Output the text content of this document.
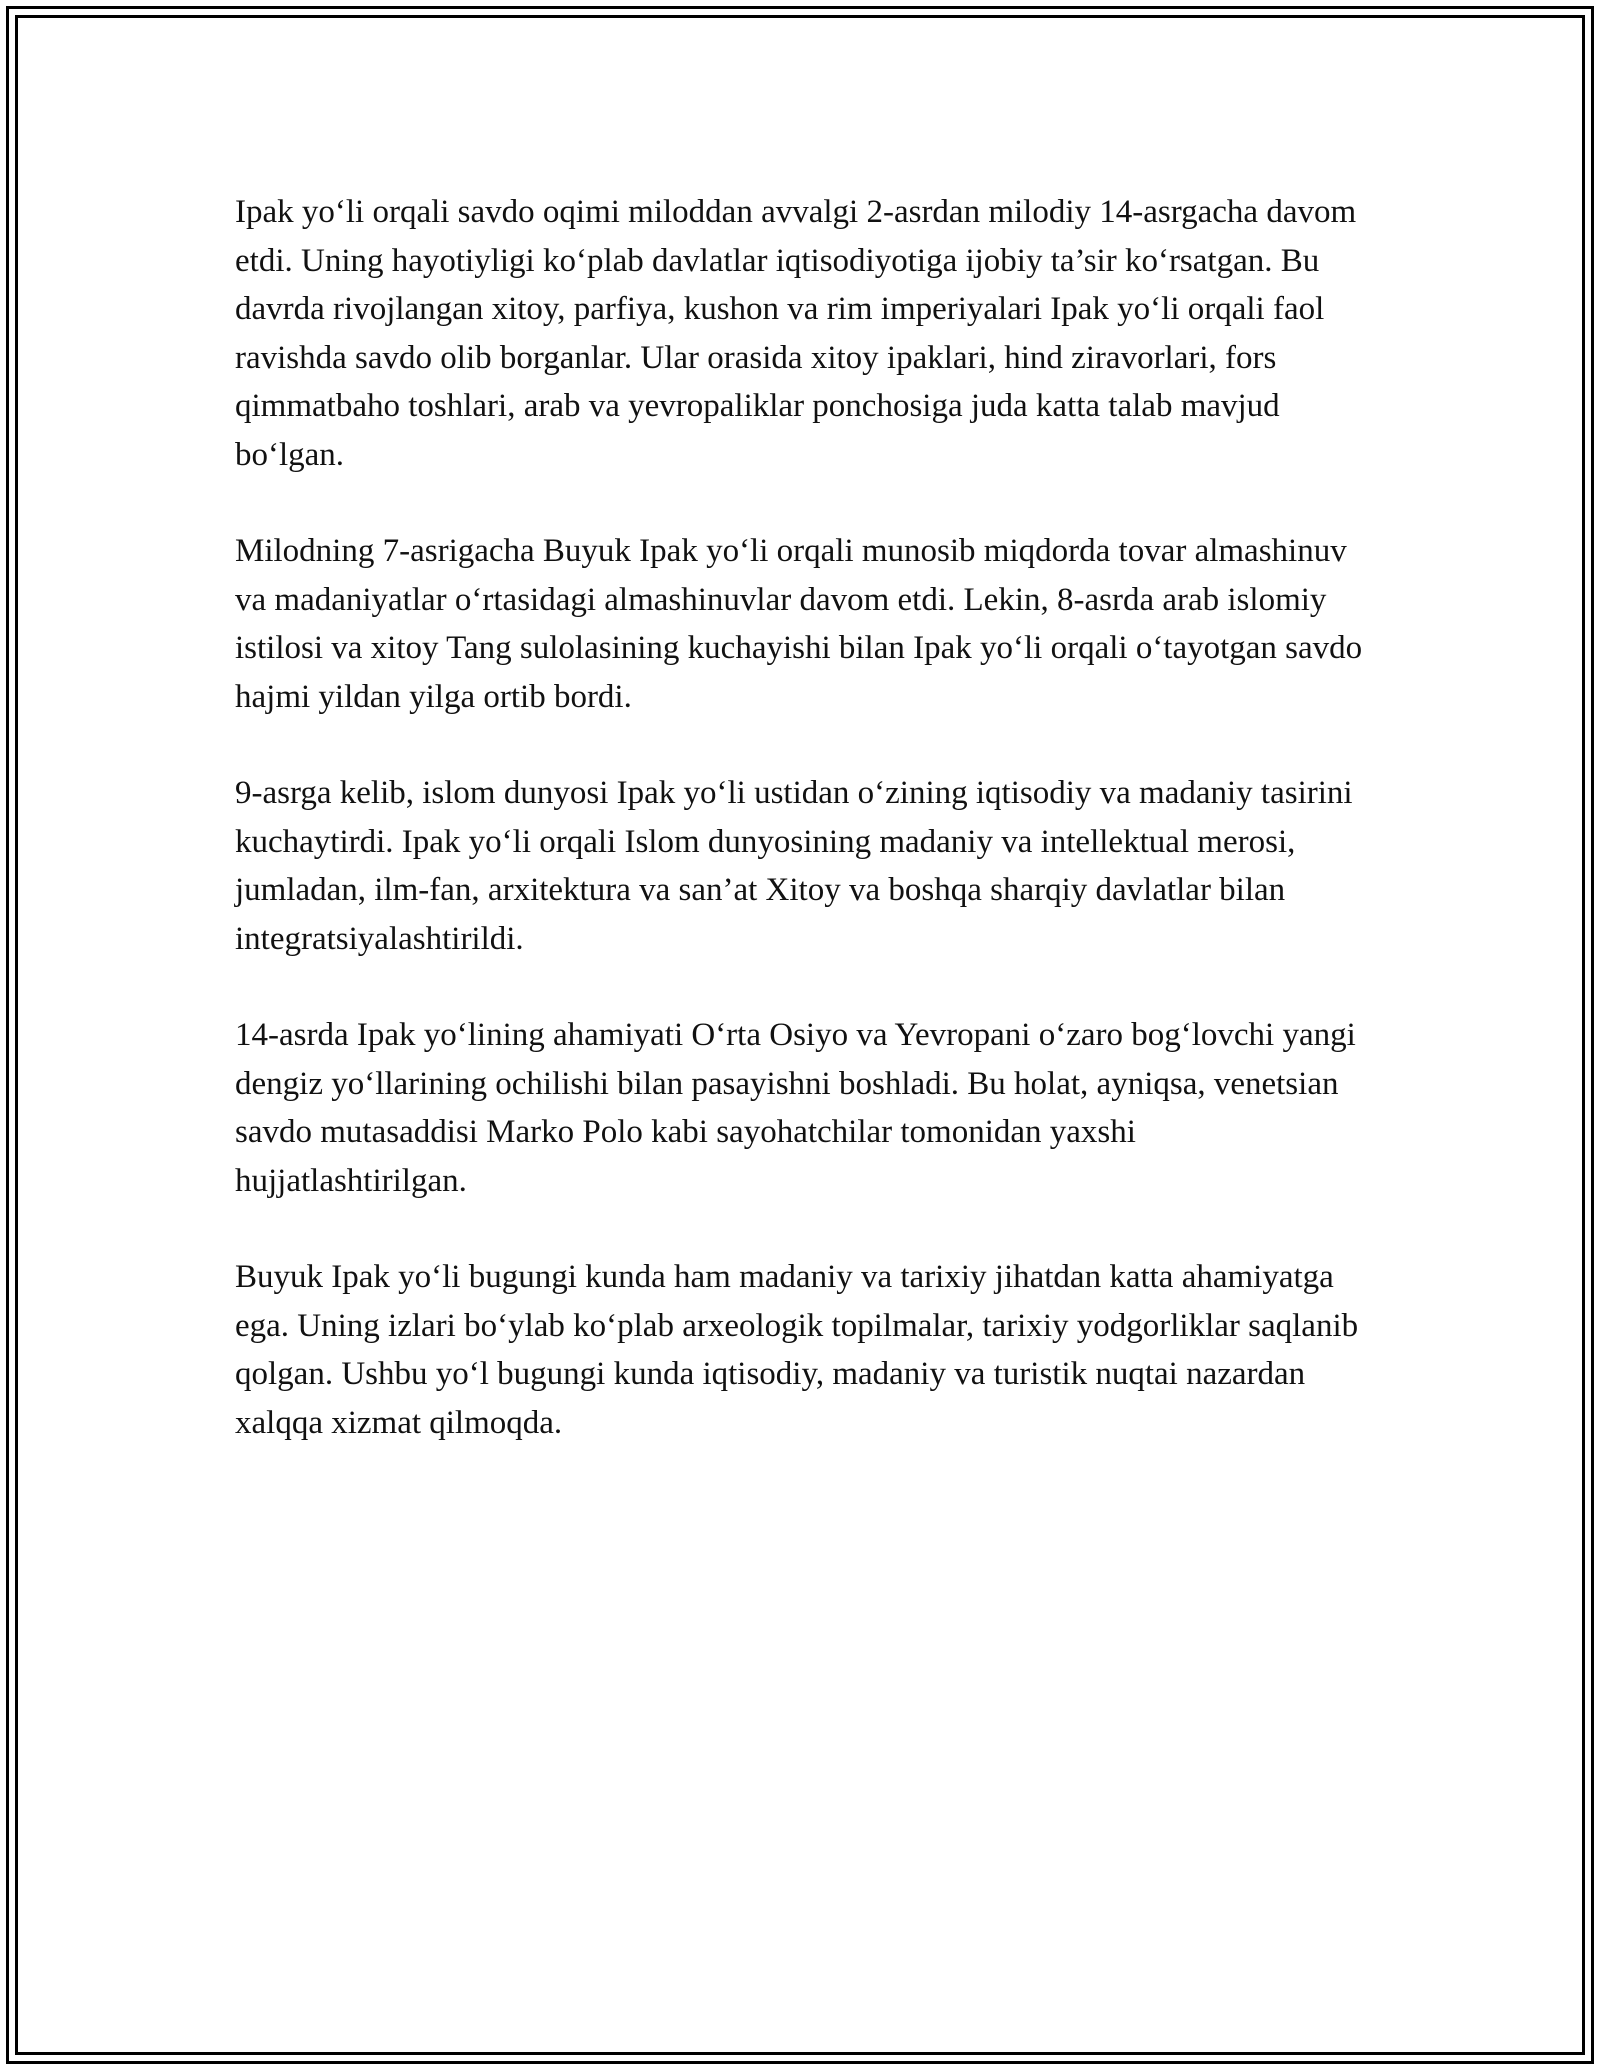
Ipak yo‘li orqali savdo oqimi miloddan avvalgi 2-asrdan milodiy 14-asrgacha davom etdi. Uning hayotiyligi ko‘plab davlatlar iqtisodiyotiga ijobiy ta’sir ko‘rsatgan. Bu davrda rivojlangan xitoy, parfiya, kushon va rim imperiyalari Ipak yo‘li orqali faol ravishda savdo olib borganlar. Ular orasida xitoy ipaklari, hind ziravorlari, fors qimmatbaho toshlari, arab va yevropaliklar ponchosiga juda katta talab mavjud bo‘lgan.

Milodning 7-asrigacha Buyuk Ipak yo‘li orqali munosib miqdorda tovar almashinuv va madaniyatlar o‘rtasidagi almashinuvlar davom etdi. Lekin, 8-asrda arab islomiy istilosi va xitoy Tang sulolasining kuchayishi bilan Ipak yo‘li orqali o‘tayotgan savdo hajmi yildan yilga ortib bordi.

9-asrga kelib, islom dunyosi Ipak yo‘li ustidan o‘zining iqtisodiy va madaniy tasirini kuchaytirdi. Ipak yo‘li orqali Islom dunyosining madaniy va intellektual merosi, jumladan, ilm-fan, arxitektura va san’at Xitoy va boshqa sharqiy davlatlar bilan integratsiyalashtirildi.

14-asrda Ipak yo‘lining ahamiyati O‘rta Osiyo va Yevropani o‘zaro bog‘lovchi yangi dengiz yo‘llarining ochilishi bilan pasayishni boshladi. Bu holat, ayniqsa, venetsian savdo mutasaddisi Marko Polo kabi sayohatchilar tomonidan yaxshi hujjatlashtirilgan.

Buyuk Ipak yo‘li bugungi kunda ham madaniy va tarixiy jihatdan katta ahamiyatga ega. Uning izlari bo‘ylab ko‘plab arxeologik topilmalar, tarixiy yodgorliklar saqlanib qolgan. Ushbu yo‘l bugungi kunda iqtisodiy, madaniy va turistik nuqtai nazardan xalqqa xizmat qilmoqda.
